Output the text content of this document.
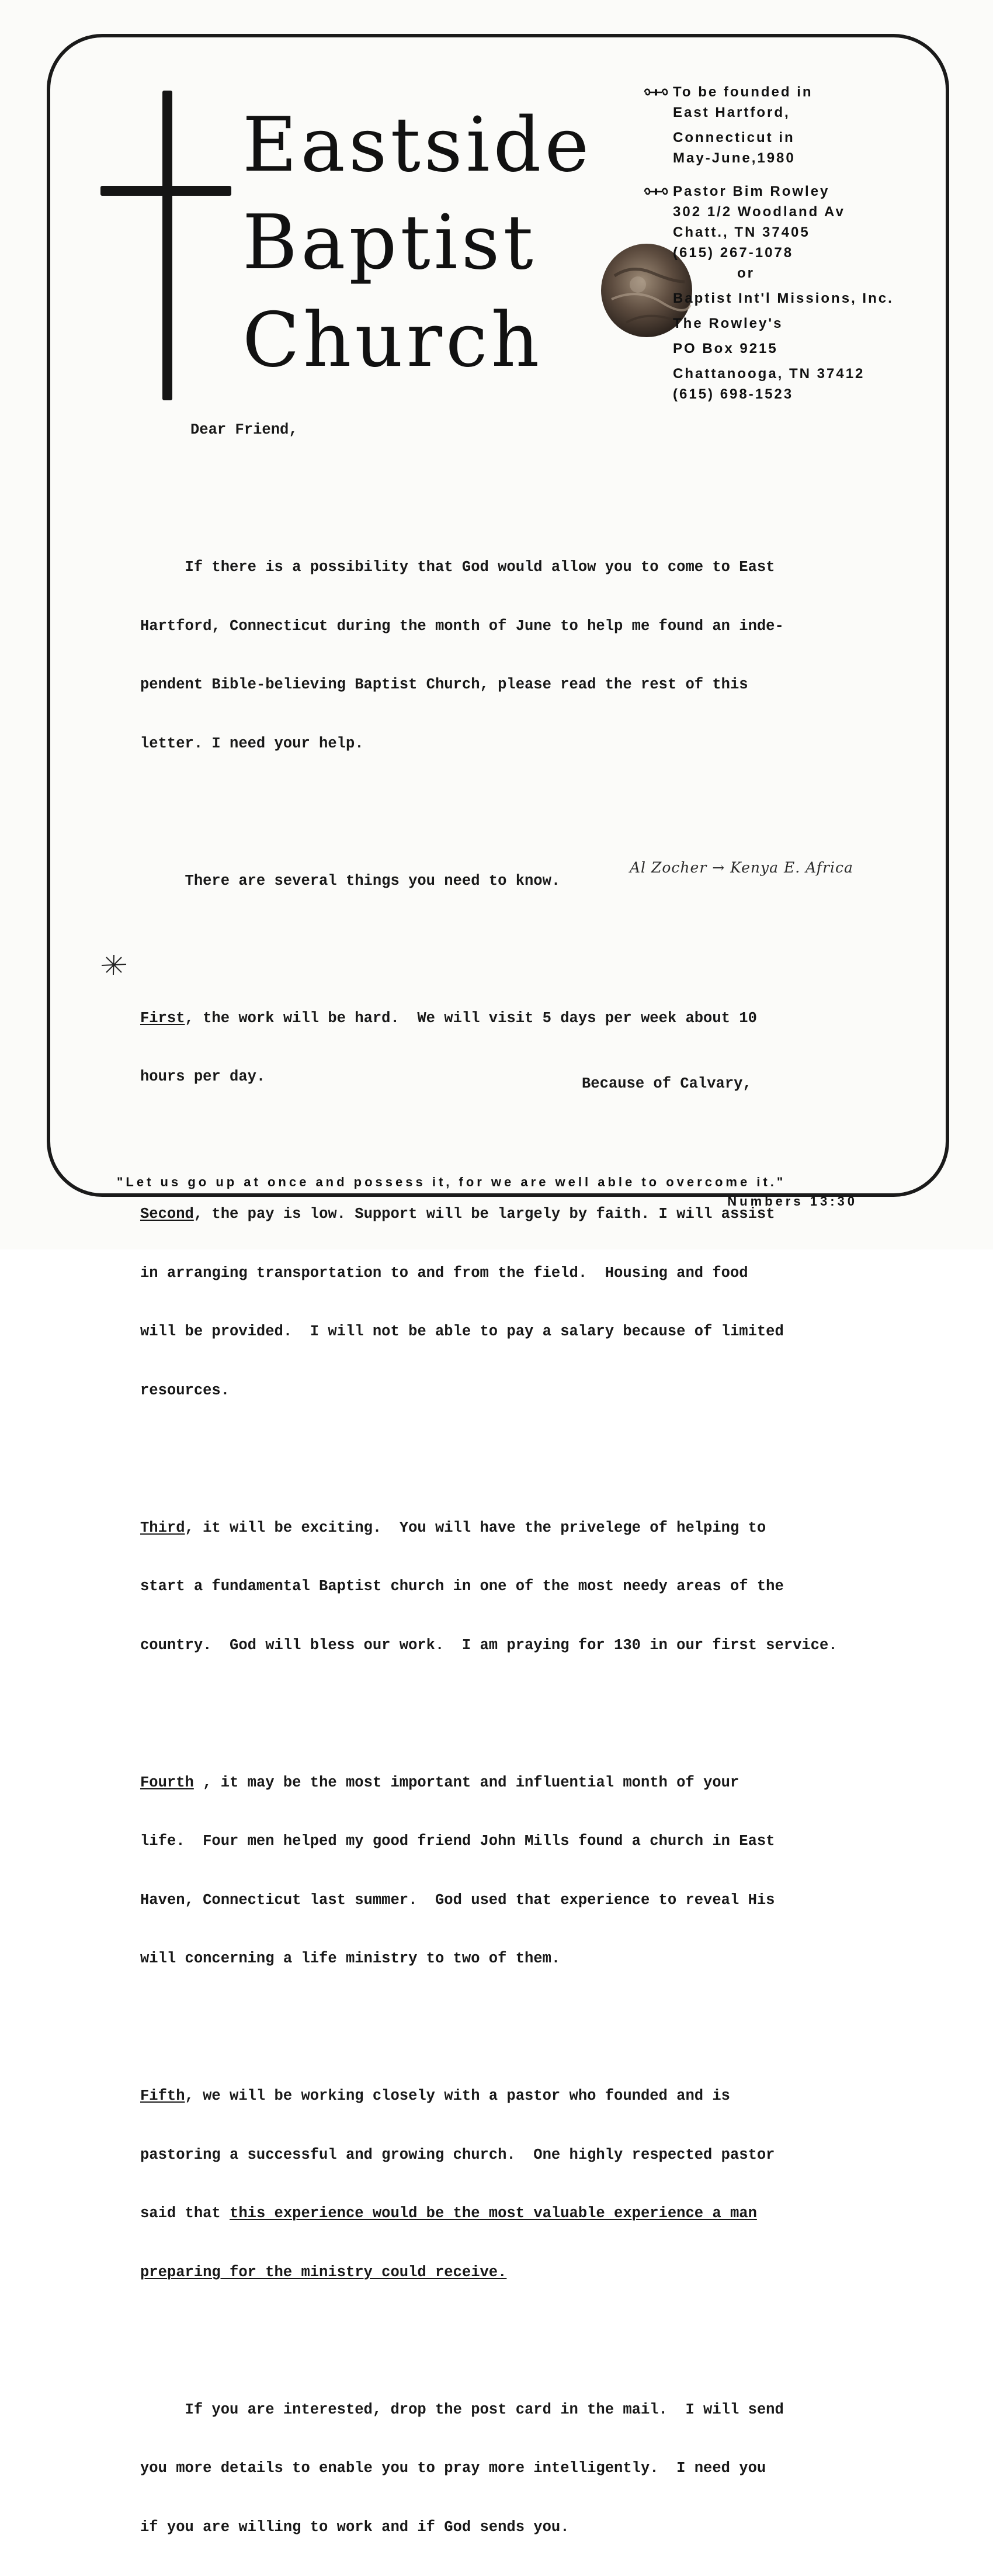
Eastside
Baptist
Church
To be founded in
East Hartford,
Connecticut in
May-June,1980
Pastor Bim Rowley
302 1/2 Woodland Av
Chatt., TN 37405
(615) 267-1078
or
Baptist Int'l Missions, Inc.
The Rowley's
PO Box 9215
Chattanooga, TN 37412
(615) 698-1523

Dear Friend,

If there is a possibility that God would allow you to come to East

Hartford, Connecticut during the month of June to help me found an inde-

pendent Bible-believing Baptist Church, please read the rest of this

letter. I need your help.

There are several things you need to know.

First, the work will be hard.  We will visit 5 days per week about 10

hours per day.

Second, the pay is low. Support will be largely by faith. I will assist

in arranging transportation to and from the field.  Housing and food

will be provided.  I will not be able to pay a salary because of limited

resources.

Third, it will be exciting.  You will have the privelege of helping to

start a fundamental Baptist church in one of the most needy areas of the

country.  God will bless our work.  I am praying for 130 in our first service.

Fourth , it may be the most important and influential month of your

life.  Four men helped my good friend John Mills found a church in East

Haven, Connecticut last summer.  God used that experience to reveal His

will concerning a life ministry to two of them.

Fifth, we will be working closely with a pastor who founded and is

pastoring a successful and growing church.  One highly respected pastor

said that this experience would be the most valuable experience a man

preparing for the ministry could receive.

If you are interested, drop the post card in the mail.  I will send

you more details to enable you to pray more intelligently.  I need you

if you are willing to work and if God sends you.

Al Zocher → Kenya E. Africa
Because of Calvary,
"Let us go up at once and possess it, for we are well able to overcome it."
Numbers 13:30
